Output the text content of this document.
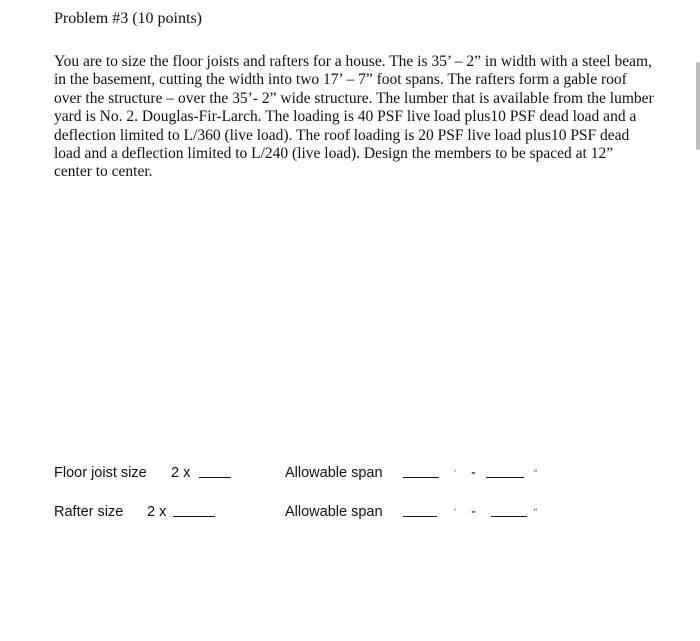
Problem #3 (10 points)
You are to size the floor joists and rafters for a house. The is 35’ – 2” in width with a steel beam, in the basement, cutting the width into two 17’ – 7” foot spans. The rafters form a gable roof over the structure – over the 35’- 2” wide structure. The lumber that is available from the lumber yard is No. 2. Douglas-Fir-Larch. The loading is 40 PSF live load plus10 PSF dead load and a deflection limited to L/360 (live load). The roof loading is 20 PSF live load plus10 PSF dead load and a deflection limited to L/240 (live load). Design the members to be spaced at 12” center to center.
Floor joist size 2 x	Allowable span	‘ -	“
Rafter size 2 x	Allowable span	‘ -	“
